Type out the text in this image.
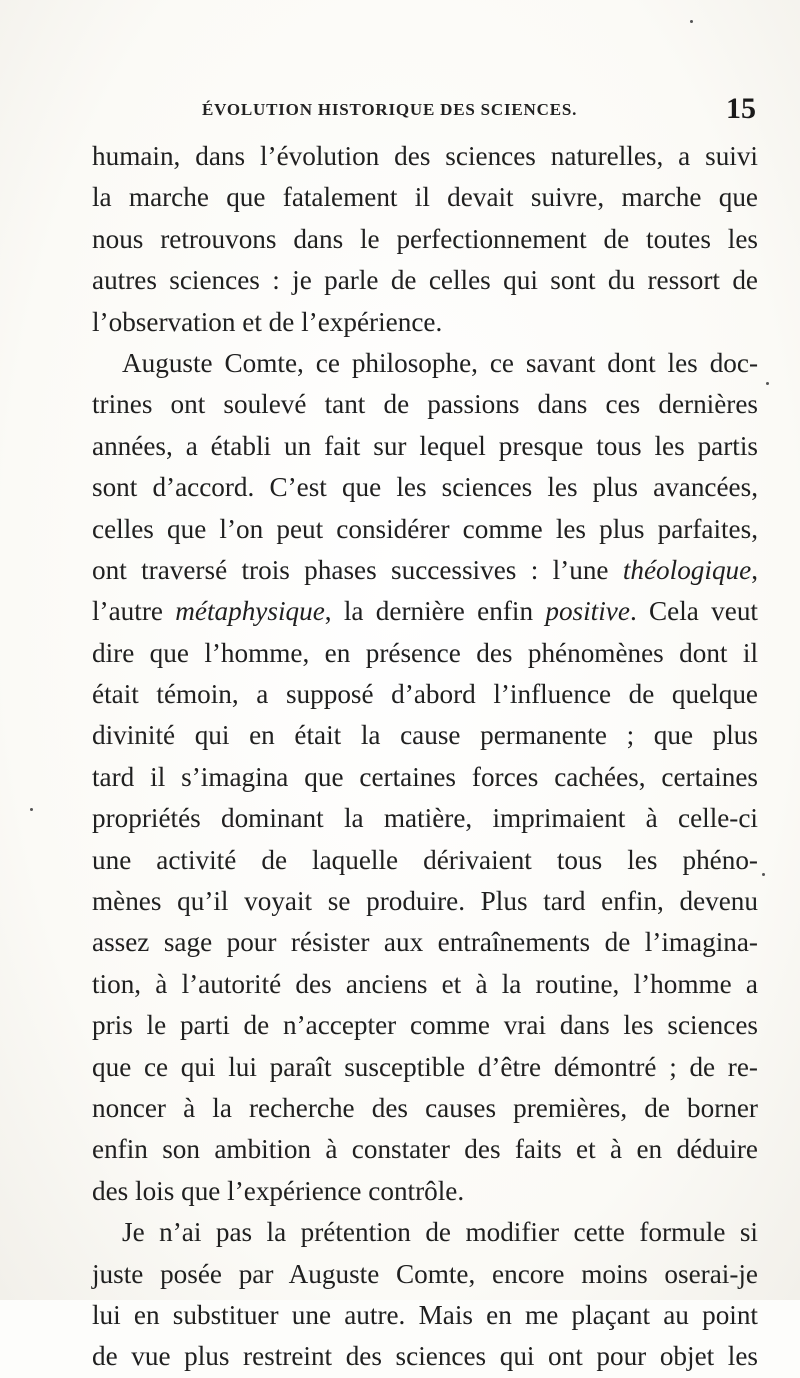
ÉVOLUTION HISTORIQUE DES SCIENCES.	15
humain, dans l’évolution des sciences naturelles, a suivi
la marche que fatalement il devait suivre, marche que
nous retrouvons dans le perfectionnement de toutes les
autres sciences : je parle de celles qui sont du ressort de
l’observation et de l’expérience.
Auguste Comte, ce philosophe, ce savant dont les doc-
trines ont soulevé tant de passions dans ces dernières
années, a établi un fait sur lequel presque tous les partis
sont d’accord. C’est que les sciences les plus avancées,
celles que l’on peut considérer comme les plus parfaites,
ont traversé trois phases successives : l’une théologique,
l’autre métaphysique, la dernière enfin positive. Cela veut
dire que l’homme, en présence des phénomènes dont il
était témoin, a supposé d’abord l’influence de quelque
divinité qui en était la cause permanente ; que plus
tard il s’imagina que certaines forces cachées, certaines
propriétés dominant la matière, imprimaient à celle-ci
une activité de laquelle dérivaient tous les phéno-
mènes qu’il voyait se produire. Plus tard enfin, devenu
assez sage pour résister aux entraînements de l’imagina-
tion, à l’autorité des anciens et à la routine, l’homme a
pris le parti de n’accepter comme vrai dans les sciences
que ce qui lui paraît susceptible d’être démontré ; de re-
noncer à la recherche des causes premières, de borner
enfin son ambition à constater des faits et à en déduire
des lois que l’expérience contrôle.
Je n’ai pas la prétention de modifier cette formule si
juste posée par Auguste Comte, encore moins oserai-je
lui en substituer une autre. Mais en me plaçant au point
de vue plus restreint des sciences qui ont pour objet les
